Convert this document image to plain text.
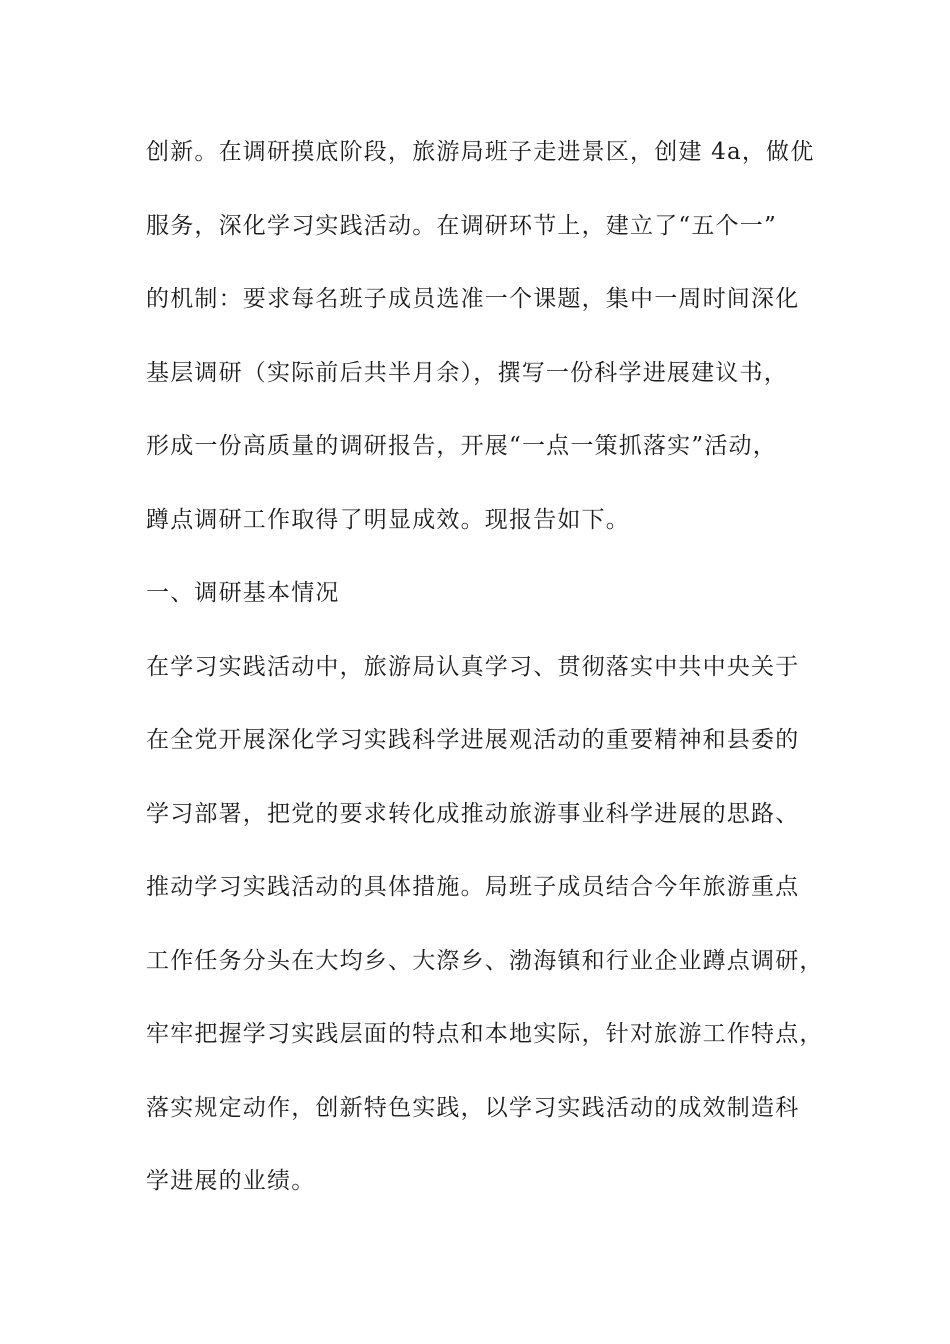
创新。在调研摸底阶段，旅游局班子走进景区，创建 4a，做优
服务，深化学习实践活动。在调研环节上，建立了“五个一”
的机制：要求每名班子成员选准一个课题，集中一周时间深化
基层调研（实际前后共半月余），撰写一份科学进展建议书，
形成一份高质量的调研报告，开展“一点一策抓落实”活动，
蹲点调研工作取得了明显成效。现报告如下。
一、调研基本情况
在学习实践活动中，旅游局认真学习、贯彻落实中共中央关于
在全党开展深化学习实践科学进展观活动的重要精神和县委的
学习部署，把党的要求转化成推动旅游事业科学进展的思路、
推动学习实践活动的具体措施。局班子成员结合今年旅游重点
工作任务分头在大均乡、大漈乡、渤海镇和行业企业蹲点调研，
牢牢把握学习实践层面的特点和本地实际，针对旅游工作特点，
落实规定动作，创新特色实践，以学习实践活动的成效制造科
学进展的业绩。
